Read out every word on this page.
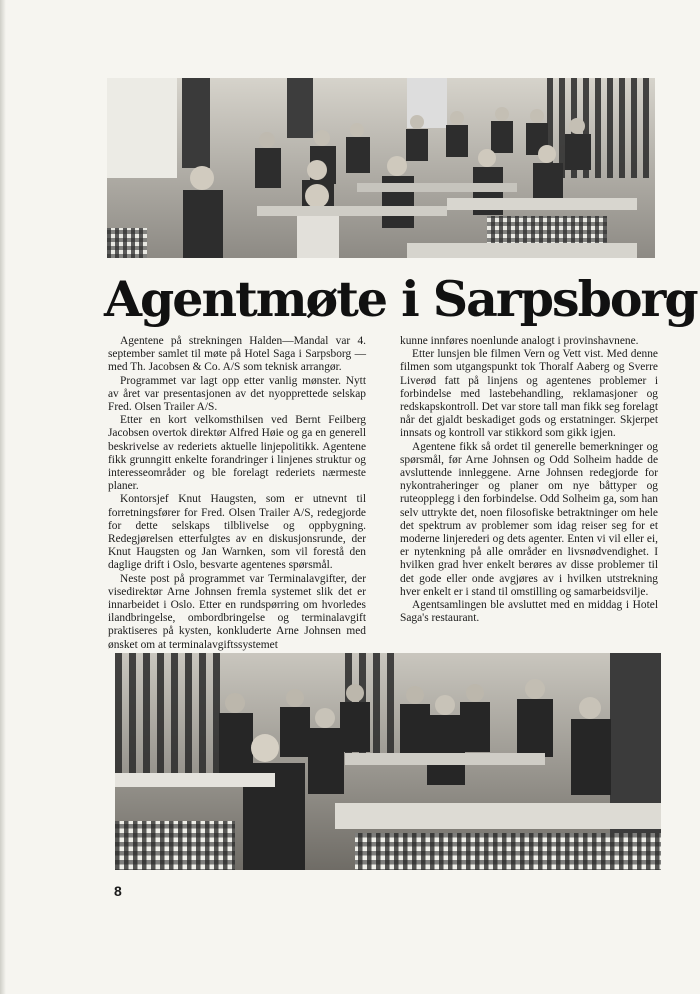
Agentmøte i Sarpsborg

Agentene på strekningen Halden—Mandal var 4. september samlet til møte på Hotel Saga i Sarpsborg — med Th. Jacobsen & Co. A/S som teknisk arrangør.

Programmet var lagt opp etter vanlig mønster. Nytt av året var presentasjonen av det nyopprettede selskap Fred. Olsen Trailer A/S.

Etter en kort velkomsthilsen ved Bernt Feilberg Jacobsen overtok direktør Alfred Høie og ga en generell beskrivelse av rederiets aktuelle linjepolitikk. Agentene fikk grunngitt enkelte forandringer i linjenes struktur og interesseområder og ble forelagt rederiets nærmeste planer.

Kontorsjef Knut Haugsten, som er utnevnt til forretningsfører for Fred. Olsen Trailer A/S, redegjorde for dette selskaps tilblivelse og oppbygning. Redegjørelsen etterfulgtes av en diskusjonsrunde, der Knut Haugsten og Jan Warnken, som vil forestå den daglige drift i Oslo, besvarte agentenes spørsmål.

Neste post på programmet var Terminalavgifter, der visedirektør Arne Johnsen fremla systemet slik det er innarbeidet i Oslo. Etter en rundspørring om hvorledes ilandbringelse, ombordbringelse og terminalavgift praktiseres på kysten, konkluderte Arne Johnsen med ønsket om at terminalavgiftssystemet

kunne innføres noenlunde analogt i provinshavnene.

Etter lunsjen ble filmen Vern og Vett vist. Med denne filmen som utgangspunkt tok Thoralf Aaberg og Sverre Liverød fatt på linjens og agentenes problemer i forbindelse med lastebehandling, reklamasjoner og redskapskontroll. Det var store tall man fikk seg forelagt når det gjaldt beskadiget gods og erstatninger. Skjerpet innsats og kontroll var stikkord som gikk igjen.

Agentene fikk så ordet til generelle bemerkninger og spørsmål, før Arne Johnsen og Odd Solheim hadde de avsluttende innleggene. Arne Johnsen redegjorde for nykontraheringer og planer om nye båttyper og ruteopplegg i den forbindelse. Odd Solheim ga, som han selv uttrykte det, noen filosofiske betraktninger om hele det spektrum av problemer som idag reiser seg for et moderne linjerederi og dets agenter. Enten vi vil eller ei, er nytenkning på alle områder en livsnødvendighet. I hvilken grad hver enkelt berøres av disse problemer til det gode eller onde avgjøres av i hvilken utstrekning hver enkelt er i stand til omstilling og samarbeidsvilje.

Agentsamlingen ble avsluttet med en middag i Hotel Saga's restaurant.

8
